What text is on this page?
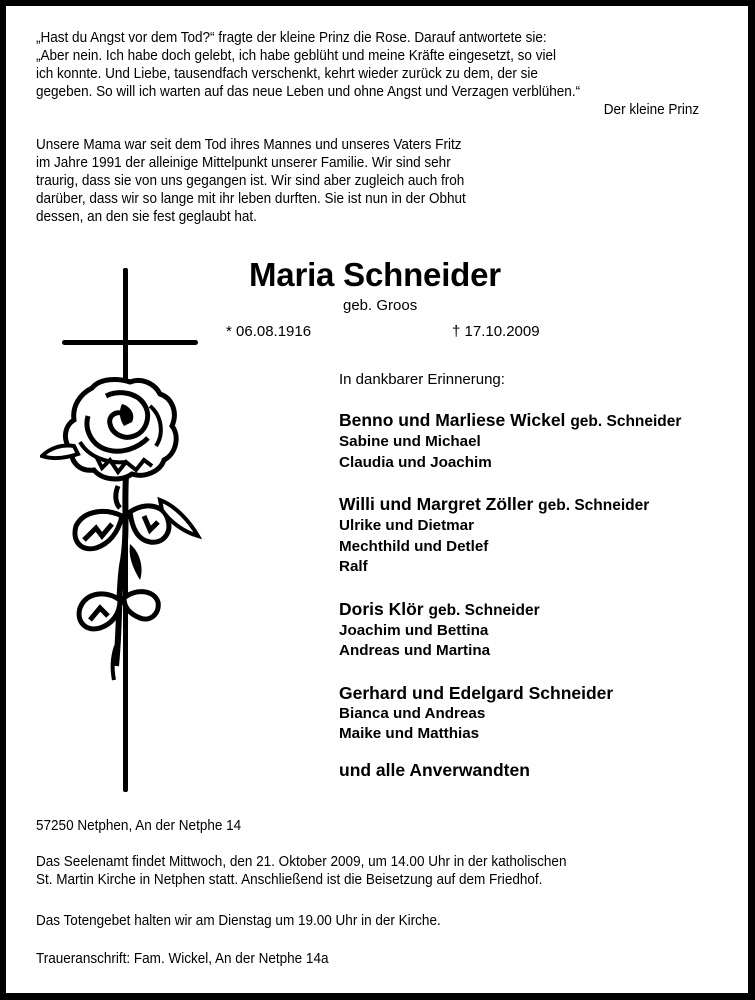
„Hast du Angst vor dem Tod?“ fragte der kleine Prinz die Rose. Darauf antwortete sie:
„Aber nein. Ich habe doch gelebt, ich habe geblüht und meine Kräfte eingesetzt, so viel
ich konnte. Und Liebe, tausendfach verschenkt, kehrt wieder zurück zu dem, der sie
gegeben. So will ich warten auf das neue Leben und ohne Angst und Verzagen verblühen.“
Der kleine Prinz
Unsere Mama war seit dem Tod ihres Mannes und unseres Vaters Fritz
im Jahre 1991 der alleinige Mittelpunkt unserer Familie. Wir sind sehr
traurig, dass sie von uns gegangen ist. Wir sind aber zugleich auch froh
darüber, dass wir so lange mit ihr leben durften. Sie ist nun in der Obhut
dessen, an den sie fest geglaubt hat.
Maria Schneider
geb. Groos
* 06.08.1916	† 17.10.2009
In dankbarer Erinnerung:
Benno und Marliese Wickel geb. Schneider
Sabine und Michael
Claudia und Joachim
Willi und Margret Zöller geb. Schneider
Ulrike und Dietmar
Mechthild und Detlef
Ralf
Doris Klör geb. Schneider
Joachim und Bettina
Andreas und Martina
Gerhard und Edelgard Schneider
Bianca und Andreas
Maike und Matthias
und alle Anverwandten
57250 Netphen, An der Netphe 14
Das Seelenamt findet Mittwoch, den 21. Oktober 2009, um 14.00 Uhr in der katholischen
St. Martin Kirche in Netphen statt. Anschließend ist die Beisetzung auf dem Friedhof.
Das Totengebet halten wir am Dienstag um 19.00 Uhr in der Kirche.
Traueranschrift: Fam. Wickel, An der Netphe 14a
